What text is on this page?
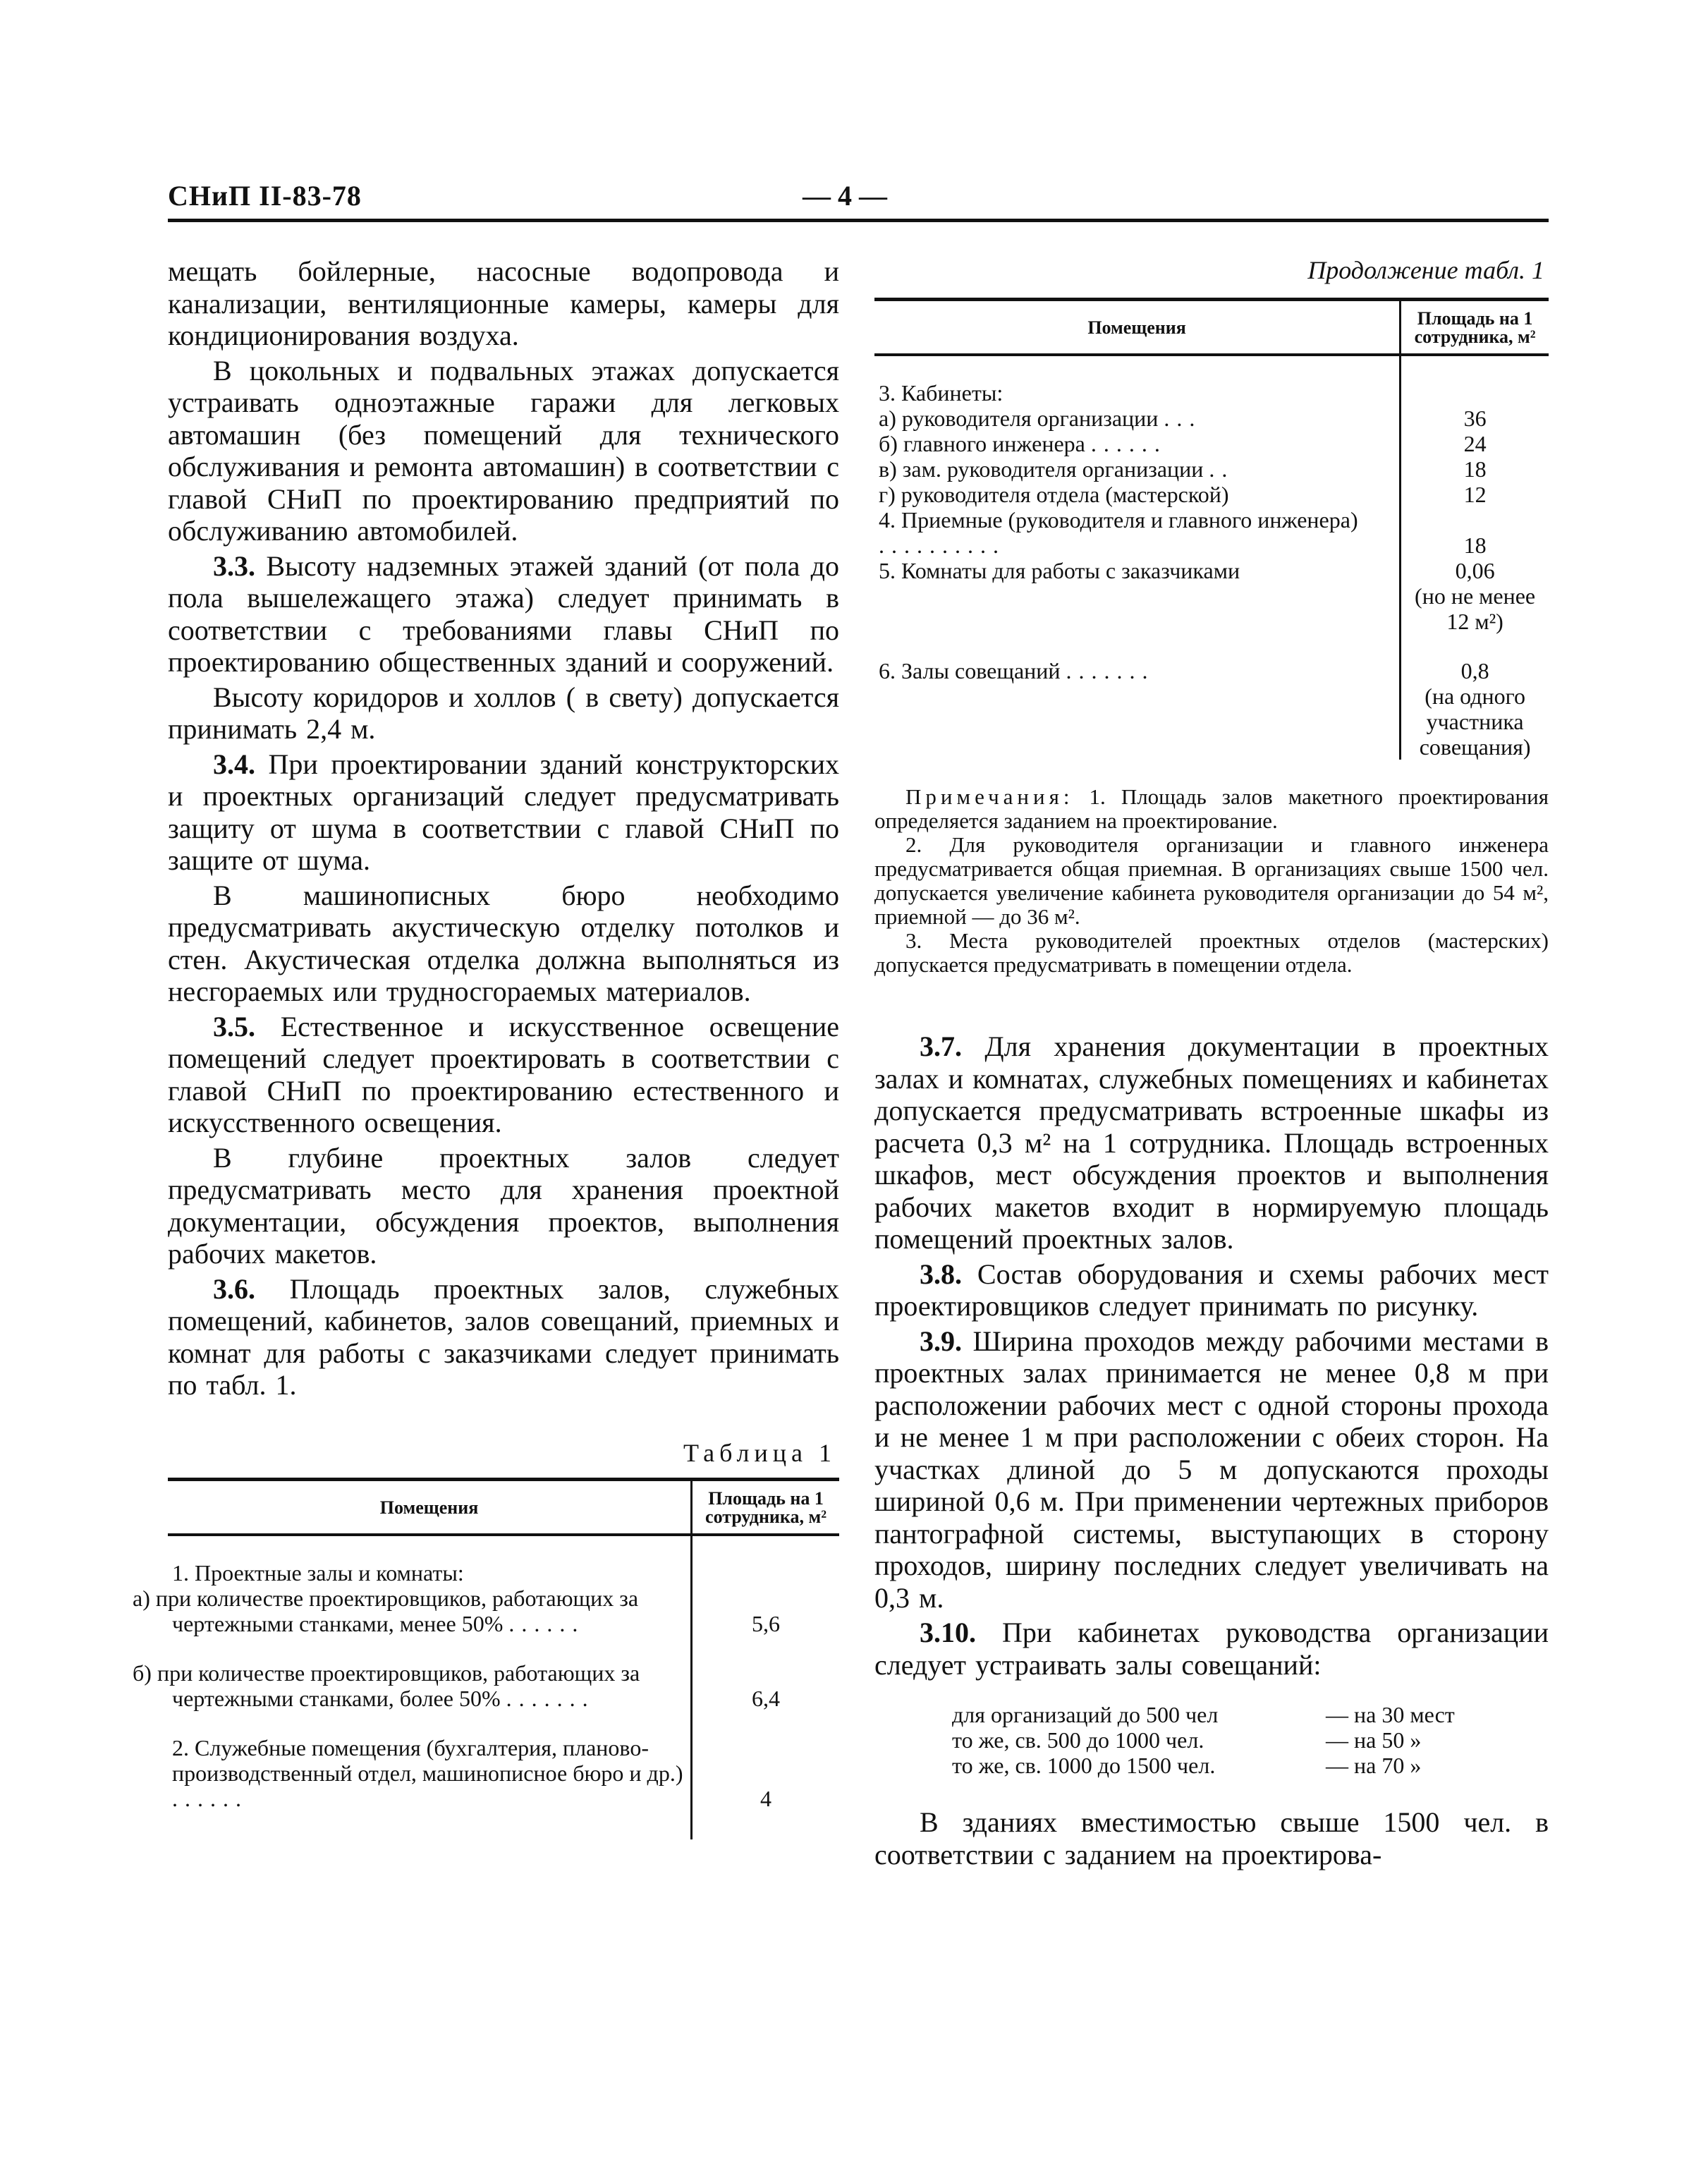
СНиП II-83-78	— 4 —

мещать бойлерные, насосные водопровода и канализации, вентиляционные камеры, камеры для кондиционирования воздуха.

В цокольных и подвальных этажах допускается устраивать одноэтажные гаражи для легковых автомашин (без помещений для технического обслуживания и ремонта автомашин) в соответствии с главой СНиП по проектированию предприятий по обслуживанию автомобилей.

3.3. Высоту надземных этажей зданий (от пола до пола вышележащего этажа) следует принимать в соответствии с требованиями главы СНиП по проектированию общественных зданий и сооружений.

Высоту коридоров и холлов ( в свету) допускается принимать 2,4 м.

3.4. При проектировании зданий конструкторских и проектных организаций следует предусматривать защиту от шума в соответствии с главой СНиП по защите от шума.

В машинописных бюро необходимо предусматривать акустическую отделку потолков и стен. Акустическая отделка должна выполняться из несгораемых или трудносгораемых материалов.

3.5. Естественное и искусственное освещение помещений следует проектировать в соответствии с главой СНиП по проектированию естественного и искусственного освещения.

В глубине проектных залов следует предусматривать место для хранения проектной документации, обсуждения проектов, выполнения рабочих макетов.

3.6. Площадь проектных залов, служебных помещений, кабинетов, залов совещаний, приемных и комнат для работы с заказчиками следует принимать по табл. 1.

Таблица 1
Помещения	Площадь на 1 сотрудника, м²

1. Проектные залы и комнаты:	
а) при количестве проектировщиков, работающих за чертежными станками, менее 50% ......	5,6

б) при количестве проектировщиков, работающих за чертежными станками, более 50% .......	6,4

2. Служебные помещения (бухгалтерия, планово-производственный отдел, машинописное бюро и др.) ......	4

Продолжение табл. 1
Помещения	Площадь на 1 сотрудника, м²

3. Кабинеты:	
а) руководителя организации ...	36
б) главного инженера ......	24
в) зам. руководителя организации ..	18
г) руководителя отдела (мастерской)	12
4. Приемные (руководителя и главного инженера) ..........	18
5. Комнаты для работы с заказчиками	0,06
(но не менее 12 м²)

6. Залы совещаний .......	0,8
(на одного участника совещания)

Примечания: 1. Площадь залов макетного проектирования определяется заданием на проектирование.

2. Для руководителя организации и главного инженера предусматривается общая приемная. В организациях свыше 1500 чел. допускается увеличение кабинета руководителя организации до 54 м², приемной — до 36 м².

3. Места руководителей проектных отделов (мастерских) допускается предусматривать в помещении отдела.

3.7. Для хранения документации в проектных залах и комнатах, служебных помещениях и кабинетах допускается предусматривать встроенные шкафы из расчета 0,3 м² на 1 сотрудника. Площадь встроенных шкафов, мест обсуждения проектов и выполнения рабочих макетов входит в нормируемую площадь помещений проектных залов.

3.8. Состав оборудования и схемы рабочих мест проектировщиков следует принимать по рисунку.

3.9. Ширина проходов между рабочими местами в проектных залах принимается не менее 0,8 м при расположении рабочих мест с одной стороны прохода и не менее 1 м при расположении с обеих сторон. На участках длиной до 5 м допускаются проходы шириной 0,6 м. При применении чертежных приборов пантографной системы, выступающих в сторону проходов, ширину последних следует увеличивать на 0,3 м.

3.10. При кабинетах руководства организации следует устраивать залы совещаний:

для организаций до 500 чел	— на 30 мест
то же, св. 500 до 1000 чел.	— на 50 »
то же, св. 1000 до 1500 чел.	— на 70 »

В зданиях вместимостью свыше 1500 чел. в соответствии с заданием на проектирова-
